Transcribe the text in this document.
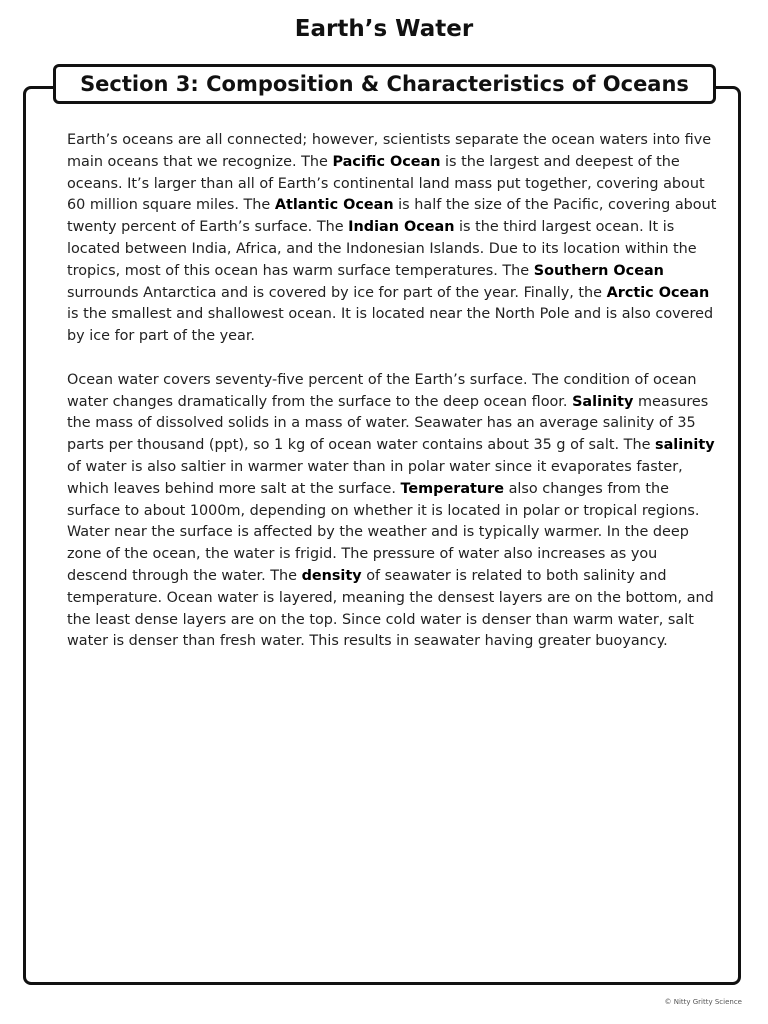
Earth’s Water
Section 3: Composition & Characteristics of Oceans

Earth’s oceans are all connected; however, scientists separate the ocean waters into five main oceans that we recognize. The Pacific Ocean is the largest and deepest of the oceans. It’s larger than all of Earth’s continental land mass put together, covering about 60 million square miles. The Atlantic Ocean is half the size of the Pacific, covering about twenty percent of Earth’s surface. The Indian Ocean is the third largest ocean. It is located between India, Africa, and the Indonesian Islands. Due to its location within the tropics, most of this ocean has warm surface temperatures. The Southern Ocean surrounds Antarctica and is covered by ice for part of the year. Finally, the Arctic Ocean is the smallest and shallowest ocean. It is located near the North Pole and is also covered by ice for part of the year.

Ocean water covers seventy-five percent of the Earth’s surface. The condition of ocean water changes dramatically from the surface to the deep ocean floor. Salinity measures the mass of dissolved solids in a mass of water. Seawater has an average salinity of 35 parts per thousand (ppt), so 1 kg of ocean water contains about 35 g of salt. The salinity of water is also saltier in warmer water than in polar water since it evaporates faster, which leaves behind more salt at the surface. Temperature also changes from the surface to about 1000m, depending on whether it is located in polar or tropical regions. Water near the surface is affected by the weather and is typically warmer. In the deep zone of the ocean, the water is frigid. The pressure of water also increases as you descend through the water. The density of seawater is related to both salinity and temperature. Ocean water is layered, meaning the densest layers are on the bottom, and the least dense layers are on the top. Since cold water is denser than warm water, salt water is denser than fresh water. This results in seawater having greater buoyancy.

© Nitty Gritty Science
